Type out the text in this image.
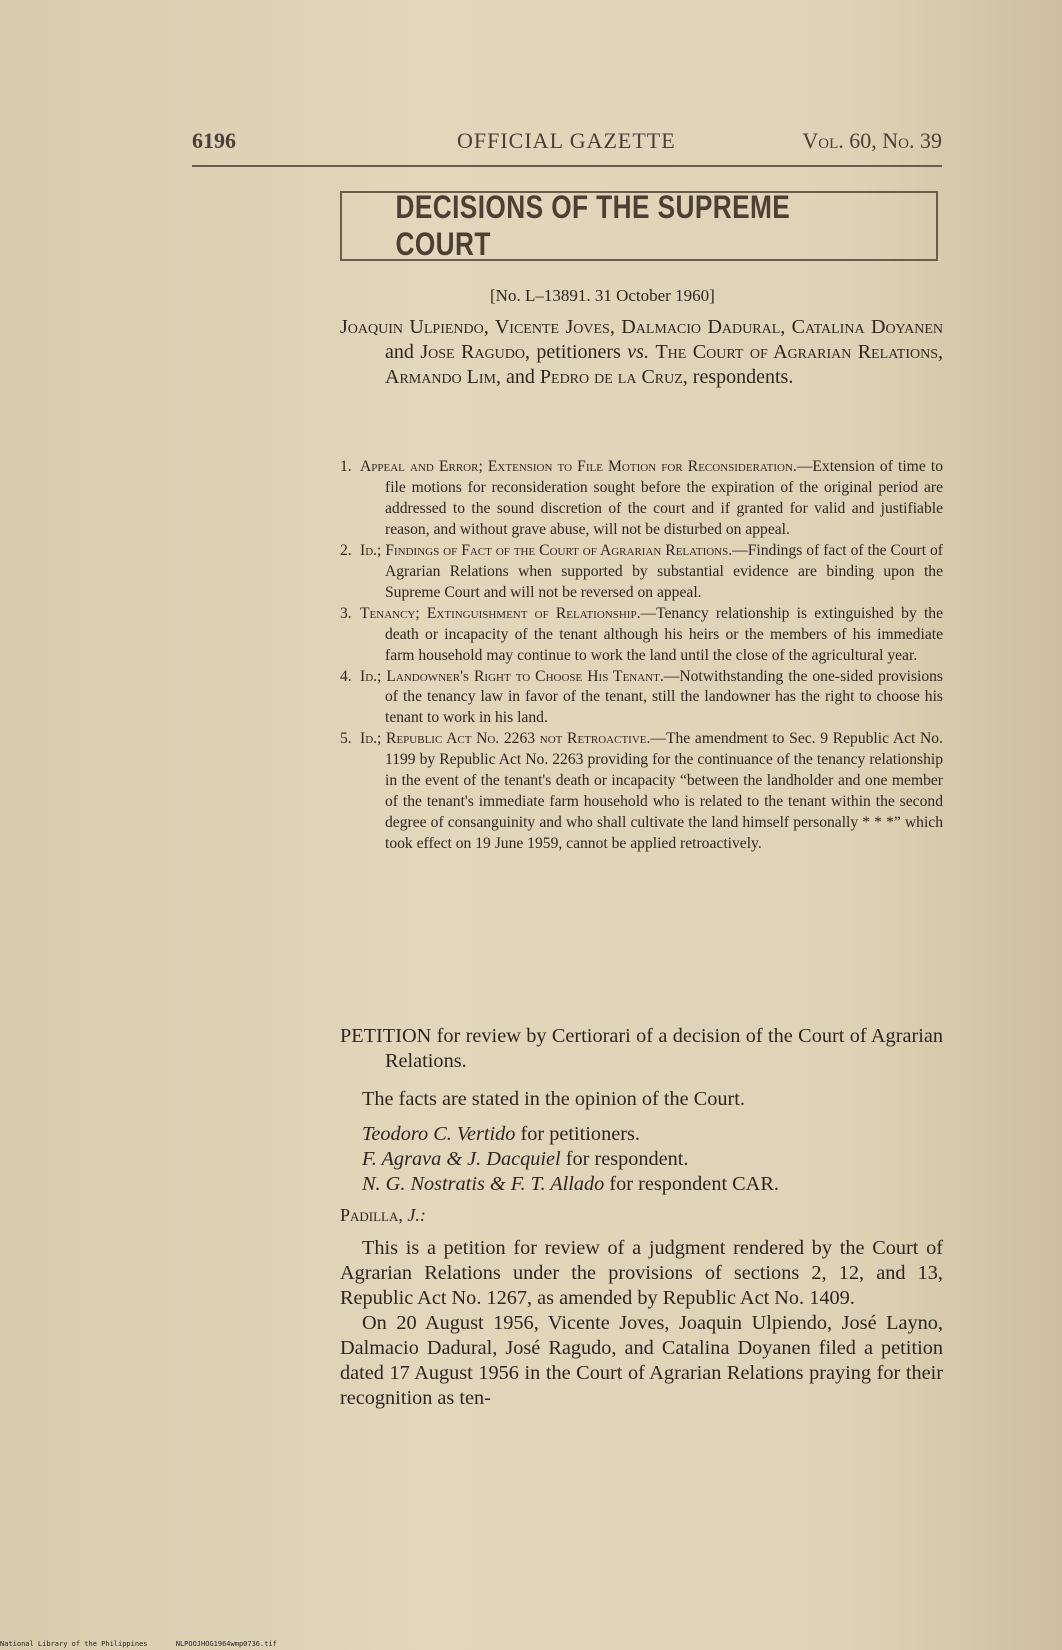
6196	OFFICIAL GAZETTE	Vol. 60, No. 39
DECISIONS OF THE SUPREME COURT
[No. L–13891. 31 October 1960]
Joaquin Ulpiendo, Vicente Joves, Dalmacio Dadural, Catalina Doyanen and Jose Ragudo, petitioners vs. The Court of Agrarian Relations, Armando Lim, and Pedro de la Cruz, respondents.

1. Appeal and Error; Extension to File Motion for Reconsideration.—Extension of time to file motions for reconsideration sought before the expiration of the original period are addressed to the sound discretion of the court and if granted for valid and justifiable reason, and without grave abuse, will not be disturbed on appeal.

2. Id.; Findings of Fact of the Court of Agrarian Relations.—Findings of fact of the Court of Agrarian Relations when supported by substantial evidence are binding upon the Supreme Court and will not be reversed on appeal.

3. Tenancy; Extinguishment of Relationship.—Tenancy relationship is extinguished by the death or incapacity of the tenant although his heirs or the members of his immediate farm household may continue to work the land until the close of the agricultural year.

4. Id.; Landowner's Right to Choose His Tenant.—Notwithstanding the one-sided provisions of the tenancy law in favor of the tenant, still the landowner has the right to choose his tenant to work in his land.

5. Id.; Republic Act No. 2263 not Retroactive.—The amendment to Sec. 9 Republic Act No. 1199 by Republic Act No. 2263 providing for the continuance of the tenancy relationship in the event of the tenant's death or incapacity “between the landholder and one member of the tenant's immediate farm household who is related to the tenant within the second degree of consanguinity and who shall cultivate the land himself personally * * *” which took effect on 19 June 1959, cannot be applied retroactively.

PETITION for review by Certiorari of a decision of the Court of Agrarian Relations.
The facts are stated in the opinion of the Court.

Teodoro C. Vertido for petitioners.

F. Agrava & J. Dacquiel for respondent.

N. G. Nostratis & F. T. Allado for respondent CAR.

Padilla, J.:

This is a petition for review of a judgment rendered by the Court of Agrarian Relations under the provisions of sections 2, 12, and 13, Republic Act No. 1267, as amended by Republic Act No. 1409.

On 20 August 1956, Vicente Joves, Joaquin Ulpiendo, José Layno, Dalmacio Dadural, José Ragudo, and Catalina Doyanen filed a petition dated 17 August 1956 in the Court of Agrarian Relations praying for their recognition as ten-

National Library of the Philippines	NLPOOJHOG1964wmp0736.tif
